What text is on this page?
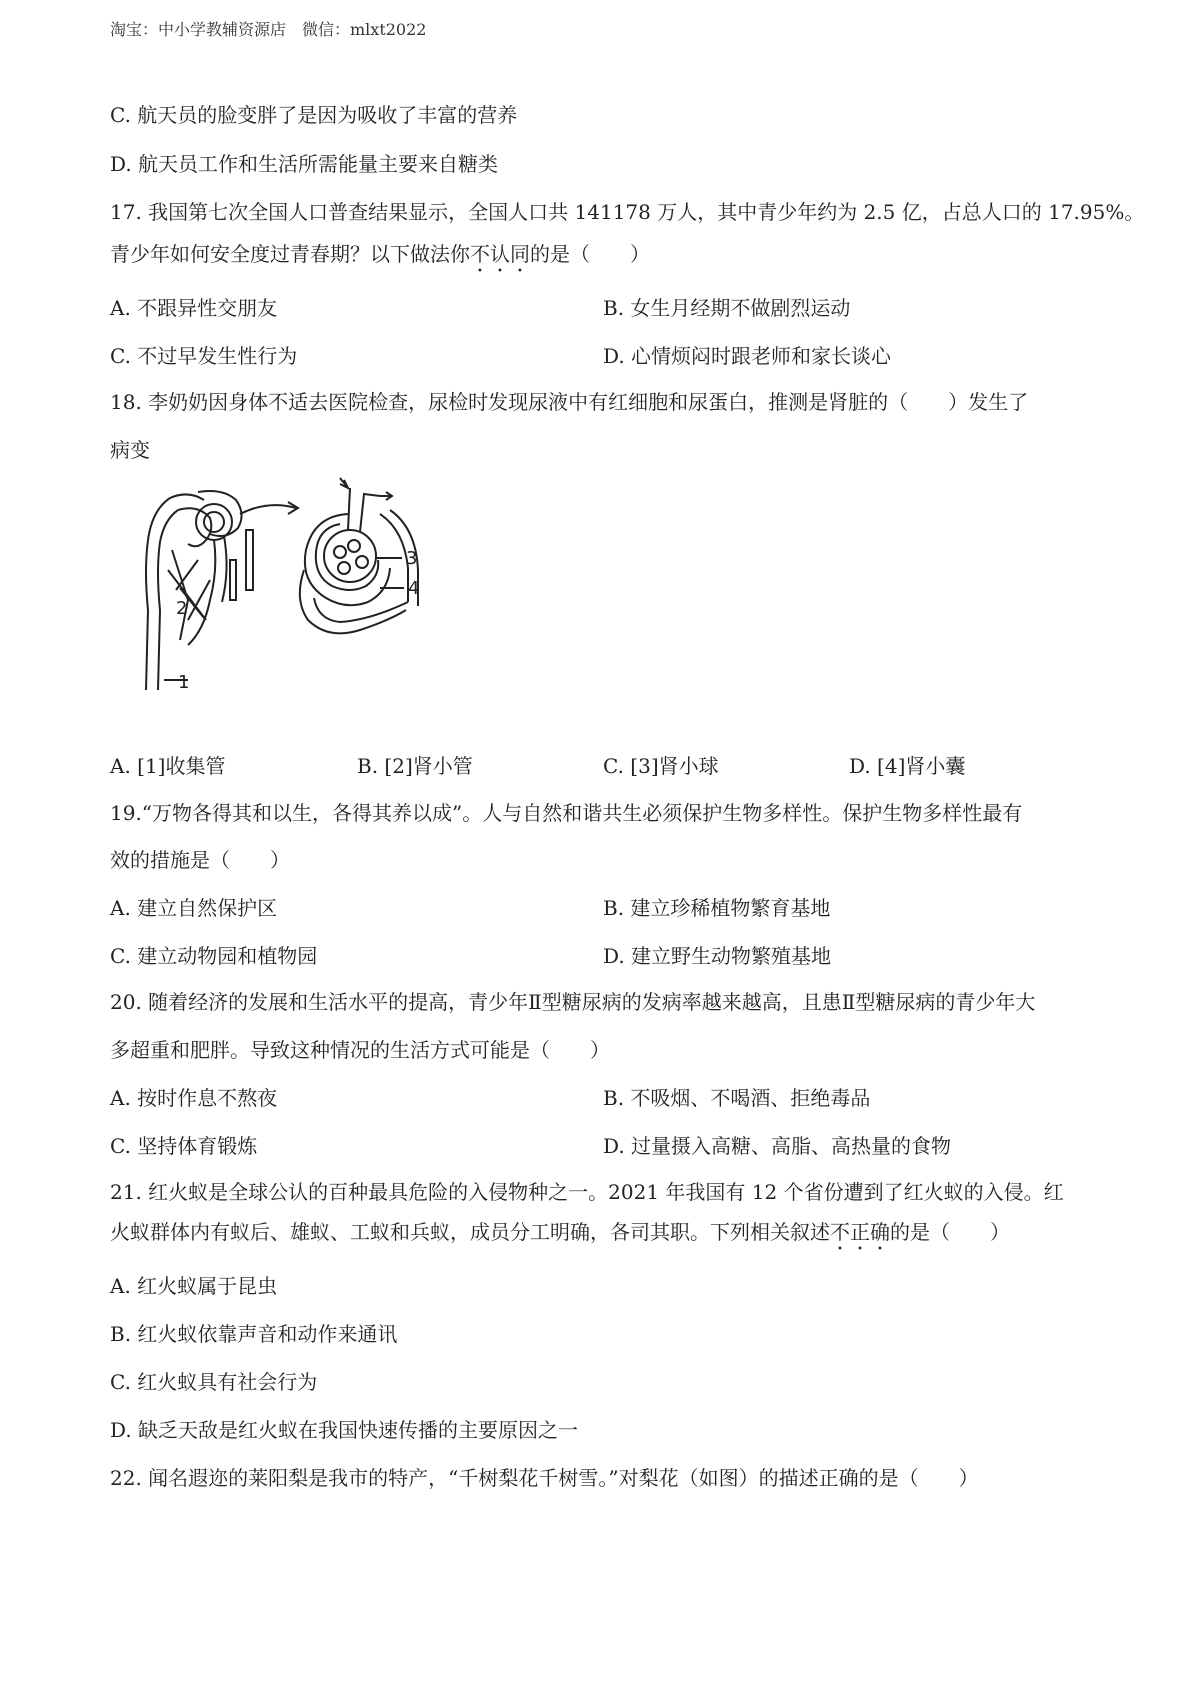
淘宝：中小学教辅资源店　微信：mlxt2022
C. 航天员的脸变胖了是因为吸收了丰富的营养
D. 航天员工作和生活所需能量主要来自糖类
17. 我国第七次全国人口普查结果显示，全国人口共 141178 万人，其中青少年约为 2.5 亿，占总人口的 17.95%。
青少年如何安全度过青春期？以下做法你不认同的是（　　）
A. 不跟异性交朋友	B. 女生月经期不做剧烈运动
C. 不过早发生性行为	D. 心情烦闷时跟老师和家长谈心
18. 李奶奶因身体不适去医院检查，尿检时发现尿液中有红细胞和尿蛋白，推测是肾脏的（　　）发生了
病变
2
1
3
4
A. [1]收集管	B. [2]肾小管	C. [3]肾小球	D. [4]肾小囊
19.“万物各得其和以生，各得其养以成”。人与自然和谐共生必须保护生物多样性。保护生物多样性最有
效的措施是（　　）
A. 建立自然保护区	B. 建立珍稀植物繁育基地
C. 建立动物园和植物园	D. 建立野生动物繁殖基地
20. 随着经济的发展和生活水平的提高，青少年Ⅱ型糖尿病的发病率越来越高，且患Ⅱ型糖尿病的青少年大
多超重和肥胖。导致这种情况的生活方式可能是（　　）
A. 按时作息不熬夜	B. 不吸烟、不喝酒、拒绝毒品
C. 坚持体育锻炼	D. 过量摄入高糖、高脂、高热量的食物
21. 红火蚁是全球公认的百种最具危险的入侵物种之一。2021 年我国有 12 个省份遭到了红火蚁的入侵。红
火蚁群体内有蚁后、雄蚁、工蚁和兵蚁，成员分工明确，各司其职。下列相关叙述不正确的是（　　）
A. 红火蚁属于昆虫
B. 红火蚁依靠声音和动作来通讯
C. 红火蚁具有社会行为
D. 缺乏天敌是红火蚁在我国快速传播的主要原因之一
22. 闻名遐迩的莱阳梨是我市的特产，“千树梨花千树雪。”对梨花（如图）的描述正确的是（　　）
